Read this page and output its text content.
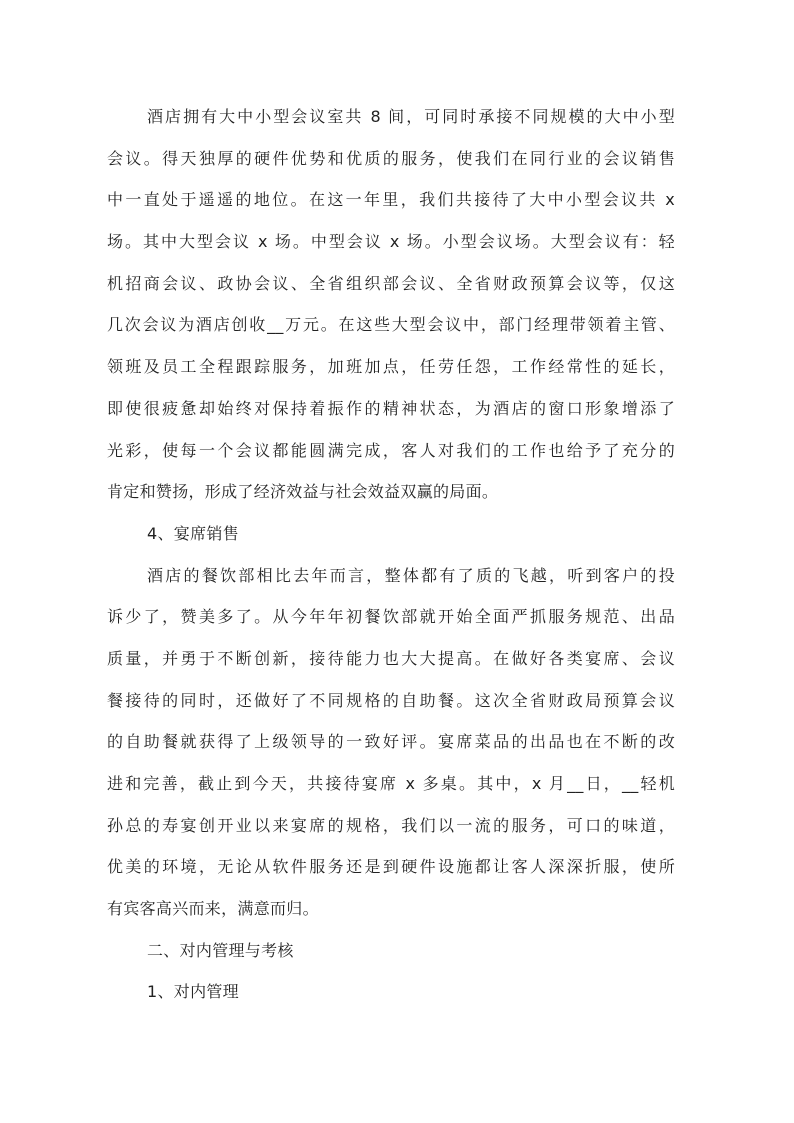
酒店拥有大中小型会议室共 8 间，可同时承接不同规模的大中小型
会议。得天独厚的硬件优势和优质的服务，使我们在同行业的会议销售
中一直处于遥遥的地位。在这一年里，我们共接待了大中小型会议共 x
场。其中大型会议 x 场。中型会议 x 场。小型会议场。大型会议有：轻
机招商会议、政协会议、全省组织部会议、全省财政预算会议等，仅这
几次会议为酒店创收__万元。在这些大型会议中，部门经理带领着主管、
领班及员工全程跟踪服务，加班加点，任劳任怨，工作经常性的延长，
即使很疲惫却始终对保持着振作的精神状态，为酒店的窗口形象增添了
光彩，使每一个会议都能圆满完成，客人对我们的工作也给予了充分的
肯定和赞扬，形成了经济效益与社会效益双赢的局面。
4、宴席销售
酒店的餐饮部相比去年而言，整体都有了质的飞越，听到客户的投
诉少了，赞美多了。从今年年初餐饮部就开始全面严抓服务规范、出品
质量，并勇于不断创新，接待能力也大大提高。在做好各类宴席、会议
餐接待的同时，还做好了不同规格的自助餐。这次全省财政局预算会议
的自助餐就获得了上级领导的一致好评。宴席菜品的出品也在不断的改
进和完善，截止到今天，共接待宴席 x 多桌。其中，x 月__日，__轻机
孙总的寿宴创开业以来宴席的规格，我们以一流的服务，可口的味道，
优美的环境，无论从软件服务还是到硬件设施都让客人深深折服，使所
有宾客高兴而来，满意而归。
二、对内管理与考核
1、对内管理
